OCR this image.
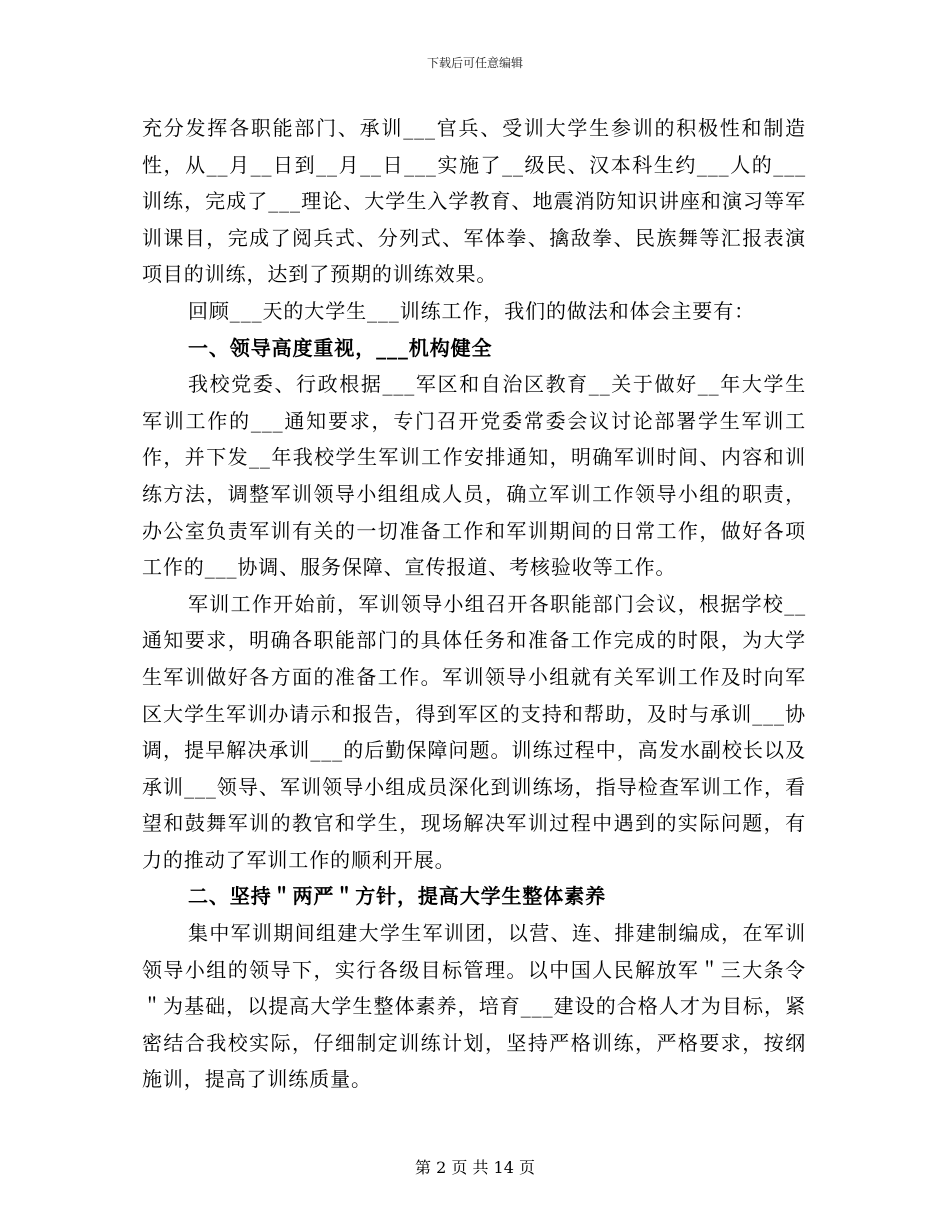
下载后可任意编辑

充分发挥各职能部门、承训___官兵、受训大学生参训的积极性和制造性，从__月__日到__月__日___实施了__级民、汉本科生约___人的___训练，完成了___理论、大学生入学教育、地震消防知识讲座和演习等军训课目，完成了阅兵式、分列式、军体拳、擒敌拳、民族舞等汇报表演项目的训练，达到了预期的训练效果。

回顾___天的大学生___训练工作，我们的做法和体会主要有：

一、领导高度重视，___机构健全

我校党委、行政根据___军区和自治区教育__关于做好__年大学生军训工作的___通知要求，专门召开党委常委会议讨论部署学生军训工作，并下发__年我校学生军训工作安排通知，明确军训时间、内容和训练方法，调整军训领导小组组成人员，确立军训工作领导小组的职责，办公室负责军训有关的一切准备工作和军训期间的日常工作，做好各项工作的___协调、服务保障、宣传报道、考核验收等工作。

军训工作开始前，军训领导小组召开各职能部门会议，根据学校__通知要求，明确各职能部门的具体任务和准备工作完成的时限，为大学生军训做好各方面的准备工作。军训领导小组就有关军训工作及时向军区大学生军训办请示和报告，得到军区的支持和帮助，及时与承训___协调，提早解决承训___的后勤保障问题。训练过程中，高发水副校长以及承训___领导、军训领导小组成员深化到训练场，指导检查军训工作，看望和鼓舞军训的教官和学生，现场解决军训过程中遇到的实际问题，有力的推动了军训工作的顺利开展。

二、坚持＂两严＂方针，提高大学生整体素养

集中军训期间组建大学生军训团，以营、连、排建制编成，在军训领导小组的领导下，实行各级目标管理。以中国人民解放军＂三大条令＂为基础，以提高大学生整体素养，培育___建设的合格人才为目标，紧密结合我校实际，仔细制定训练计划，坚持严格训练，严格要求，按纲施训，提高了训练质量。

第 2 页 共 14 页
